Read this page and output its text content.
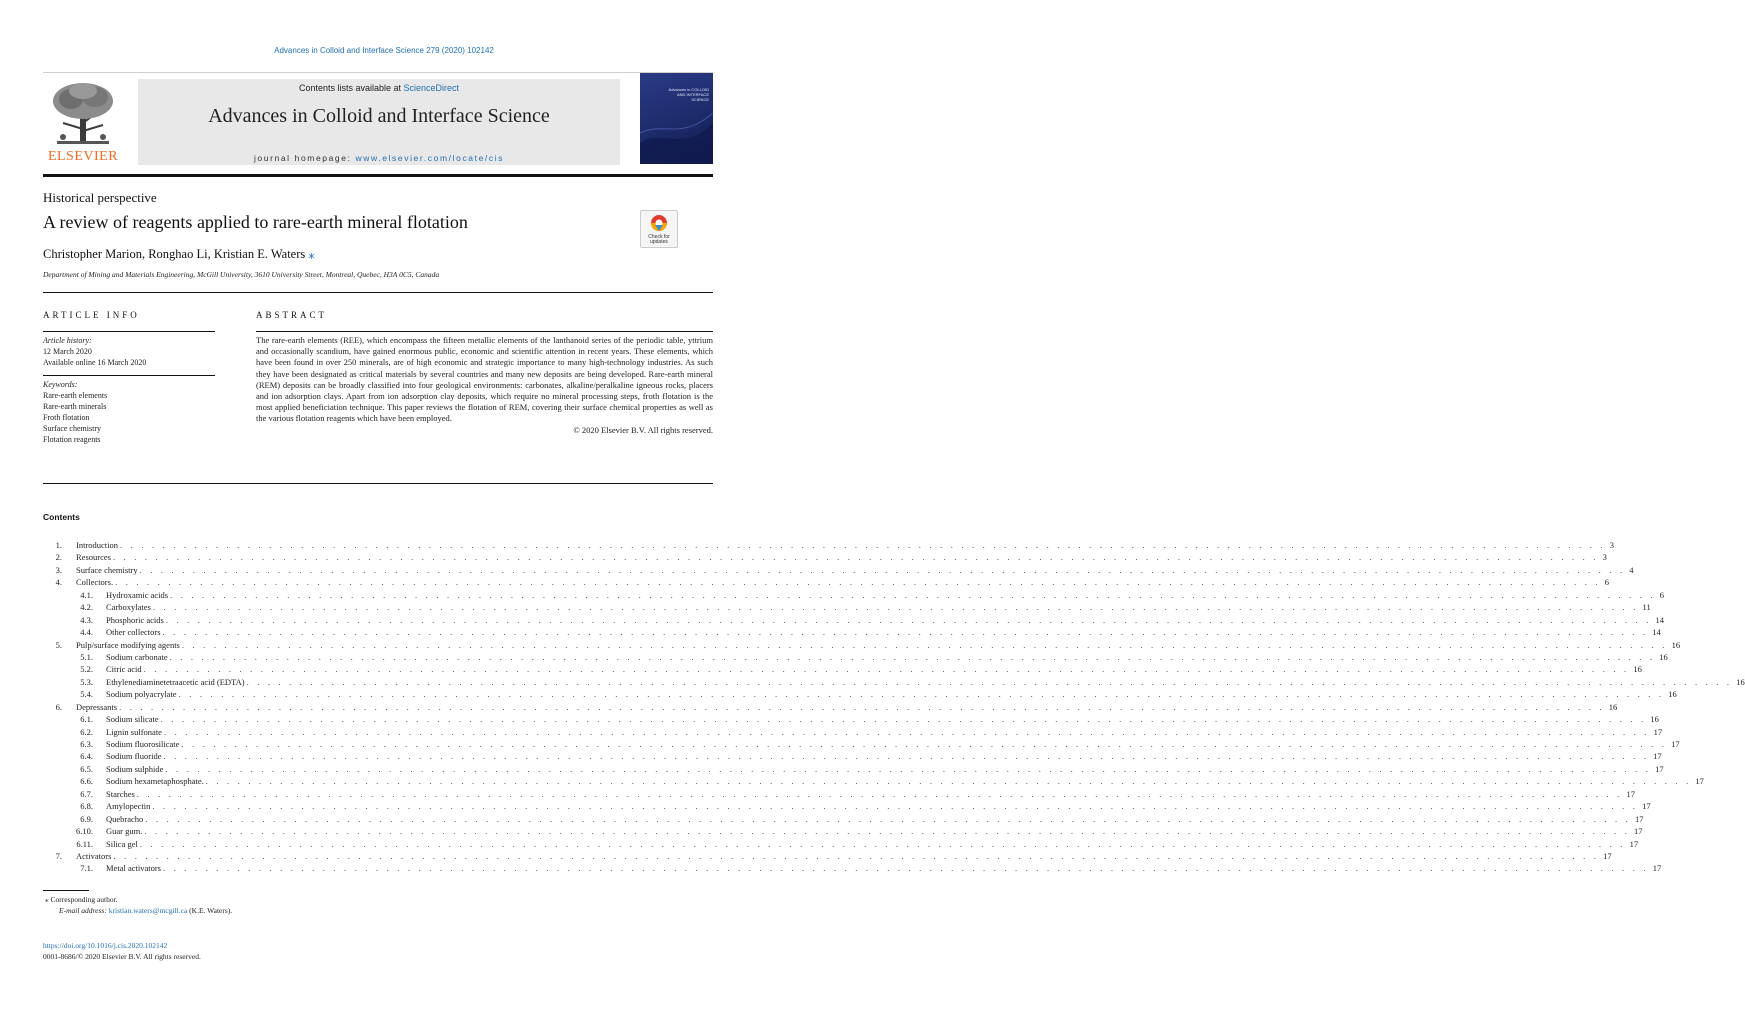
Advances in Colloid and Interface Science 279 (2020) 102142
ELSEVIER
Contents lists available at ScienceDirect
Advances in Colloid and Interface Science
journal homepage: www.elsevier.com/locate/cis
Advances in COLLOID AND INTERFACE SCIENCE
Historical perspective
A review of reagents applied to rare-earth mineral flotation
Check for updates
Christopher Marion, Ronghao Li, Kristian E. Waters ⁎
Department of Mining and Materials Engineering, McGill University, 3610 University Street, Montreal, Quebec, H3A 0C5, Canada
ARTICLE INFO	ABSTRACT
Article history:
12 March 2020
Available online 16 March 2020
Keywords:
Rare-earth elements
Rare-earth minerals
Froth flotation
Surface chemistry
Flotation reagents
The rare-earth elements (REE), which encompass the fifteen metallic elements of the lanthanoid series of the periodic table, yttrium and occasionally scandium, have gained enormous public, economic and scientific attention in recent years. These elements, which have been found in over 250 minerals, are of high economic and strategic importance to many high-technology industries. As such they have been designated as critical materials by several countries and many new deposits are being developed. Rare-earth mineral (REM) deposits can be broadly classified into four geological environments: carbonates, alkaline/peralkaline igneous rocks, placers and ion adsorption clays. Apart from ion adsorption clay deposits, which require no mineral processing steps, froth flotation is the most applied beneficiation technique. This paper reviews the flotation of REM, covering their surface chemical properties as well as the various flotation reagents which have been employed.
© 2020 Elsevier B.V. All rights reserved.
Contents
1. Introduction . . . . . . . . . . . . . . . . . . . . . . . . . . . . . . . . . . . . . . . . . . . . . . . . . . . . . . . . . . . . . . . . . . . . . . . . . . . . . . . . . . . . . . . . . . . . . . . . . . . . . . . . . . . . . . . . . . . . . . . . . . . . . . . . . . . . . . . . . . . . 3
2. Resources . . . . . . . . . . . . . . . . . . . . . . . . . . . . . . . . . . . . . . . . . . . . . . . . . . . . . . . . . . . . . . . . . . . . . . . . . . . . . . . . . . . . . . . . . . . . . . . . . . . . . . . . . . . . . . . . . . . . . . . . . . . . . . . . . . . . . . . . . . . . 3
3. Surface chemistry . . . . . . . . . . . . . . . . . . . . . . . . . . . . . . . . . . . . . . . . . . . . . . . . . . . . . . . . . . . . . . . . . . . . . . . . . . . . . . . . . . . . . . . . . . . . . . . . . . . . . . . . . . . . . . . . . . . . . . . . . . . . . . . . . . . . . . . . . . . . 4
4. Collectors. . . . . . . . . . . . . . . . . . . . . . . . . . . . . . . . . . . . . . . . . . . . . . . . . . . . . . . . . . . . . . . . . . . . . . . . . . . . . . . . . . . . . . . . . . . . . . . . . . . . . . . . . . . . . . . . . . . . . . . . . . . . . . . . . . . . . . . . . . . . . 6
4.1. Hydroxamic acids . . . . . . . . . . . . . . . . . . . . . . . . . . . . . . . . . . . . . . . . . . . . . . . . . . . . . . . . . . . . . . . . . . . . . . . . . . . . . . . . . . . . . . . . . . . . . . . . . . . . . . . . . . . . . . . . . . . . . . . . . . . . . . . . . . . . . . . . . . . . 6
4.2. Carboxylates . . . . . . . . . . . . . . . . . . . . . . . . . . . . . . . . . . . . . . . . . . . . . . . . . . . . . . . . . . . . . . . . . . . . . . . . . . . . . . . . . . . . . . . . . . . . . . . . . . . . . . . . . . . . . . . . . . . . . . . . . . . . . . . . . . . . . . . . . . . . 11
4.3. Phosphoric acids . . . . . . . . . . . . . . . . . . . . . . . . . . . . . . . . . . . . . . . . . . . . . . . . . . . . . . . . . . . . . . . . . . . . . . . . . . . . . . . . . . . . . . . . . . . . . . . . . . . . . . . . . . . . . . . . . . . . . . . . . . . . . . . . . . . . . . . . . . . . 14
4.4. Other collectors . . . . . . . . . . . . . . . . . . . . . . . . . . . . . . . . . . . . . . . . . . . . . . . . . . . . . . . . . . . . . . . . . . . . . . . . . . . . . . . . . . . . . . . . . . . . . . . . . . . . . . . . . . . . . . . . . . . . . . . . . . . . . . . . . . . . . . . . . . . . 14
5. Pulp/surface modifying agents . . . . . . . . . . . . . . . . . . . . . . . . . . . . . . . . . . . . . . . . . . . . . . . . . . . . . . . . . . . . . . . . . . . . . . . . . . . . . . . . . . . . . . . . . . . . . . . . . . . . . . . . . . . . . . . . . . . . . . . . . . . . . . . . . . . . . . . . . . . . 16
5.1. Sodium carbonate . . . . . . . . . . . . . . . . . . . . . . . . . . . . . . . . . . . . . . . . . . . . . . . . . . . . . . . . . . . . . . . . . . . . . . . . . . . . . . . . . . . . . . . . . . . . . . . . . . . . . . . . . . . . . . . . . . . . . . . . . . . . . . . . . . . . . . . . . . . . 16
5.2. Citric acid . . . . . . . . . . . . . . . . . . . . . . . . . . . . . . . . . . . . . . . . . . . . . . . . . . . . . . . . . . . . . . . . . . . . . . . . . . . . . . . . . . . . . . . . . . . . . . . . . . . . . . . . . . . . . . . . . . . . . . . . . . . . . . . . . . . . . . . . . . . . 16
5.3. Ethylenediaminetetraacetic acid (EDTA) . . . . . . . . . . . . . . . . . . . . . . . . . . . . . . . . . . . . . . . . . . . . . . . . . . . . . . . . . . . . . . . . . . . . . . . . . . . . . . . . . . . . . . . . . . . . . . . . . . . . . . . . . . . . . . . . . . . . . . . . . . . . . . . . . . . . . . . . . . . . 16
5.4. Sodium polyacrylate . . . . . . . . . . . . . . . . . . . . . . . . . . . . . . . . . . . . . . . . . . . . . . . . . . . . . . . . . . . . . . . . . . . . . . . . . . . . . . . . . . . . . . . . . . . . . . . . . . . . . . . . . . . . . . . . . . . . . . . . . . . . . . . . . . . . . . . . . . . . 16
6. Depressants . . . . . . . . . . . . . . . . . . . . . . . . . . . . . . . . . . . . . . . . . . . . . . . . . . . . . . . . . . . . . . . . . . . . . . . . . . . . . . . . . . . . . . . . . . . . . . . . . . . . . . . . . . . . . . . . . . . . . . . . . . . . . . . . . . . . . . . . . . . . 16
6.1. Sodium silicate . . . . . . . . . . . . . . . . . . . . . . . . . . . . . . . . . . . . . . . . . . . . . . . . . . . . . . . . . . . . . . . . . . . . . . . . . . . . . . . . . . . . . . . . . . . . . . . . . . . . . . . . . . . . . . . . . . . . . . . . . . . . . . . . . . . . . . . . . . . . 16
6.2. Lignin sulfonate . . . . . . . . . . . . . . . . . . . . . . . . . . . . . . . . . . . . . . . . . . . . . . . . . . . . . . . . . . . . . . . . . . . . . . . . . . . . . . . . . . . . . . . . . . . . . . . . . . . . . . . . . . . . . . . . . . . . . . . . . . . . . . . . . . . . . . . . . . . . 17
6.3. Sodium fluorosilicate . . . . . . . . . . . . . . . . . . . . . . . . . . . . . . . . . . . . . . . . . . . . . . . . . . . . . . . . . . . . . . . . . . . . . . . . . . . . . . . . . . . . . . . . . . . . . . . . . . . . . . . . . . . . . . . . . . . . . . . . . . . . . . . . . . . . . . . . . . . . 17
6.4. Sodium fluoride . . . . . . . . . . . . . . . . . . . . . . . . . . . . . . . . . . . . . . . . . . . . . . . . . . . . . . . . . . . . . . . . . . . . . . . . . . . . . . . . . . . . . . . . . . . . . . . . . . . . . . . . . . . . . . . . . . . . . . . . . . . . . . . . . . . . . . . . . . . . 17
6.5. Sodium sulphide . . . . . . . . . . . . . . . . . . . . . . . . . . . . . . . . . . . . . . . . . . . . . . . . . . . . . . . . . . . . . . . . . . . . . . . . . . . . . . . . . . . . . . . . . . . . . . . . . . . . . . . . . . . . . . . . . . . . . . . . . . . . . . . . . . . . . . . . . . . . 17
6.6. Sodium hexametaphosphate. . . . . . . . . . . . . . . . . . . . . . . . . . . . . . . . . . . . . . . . . . . . . . . . . . . . . . . . . . . . . . . . . . . . . . . . . . . . . . . . . . . . . . . . . . . . . . . . . . . . . . . . . . . . . . . . . . . . . . . . . . . . . . . . . . . . . . . . . . . . . 17
6.7. Starches . . . . . . . . . . . . . . . . . . . . . . . . . . . . . . . . . . . . . . . . . . . . . . . . . . . . . . . . . . . . . . . . . . . . . . . . . . . . . . . . . . . . . . . . . . . . . . . . . . . . . . . . . . . . . . . . . . . . . . . . . . . . . . . . . . . . . . . . . . . . 17
6.8. Amylopectin . . . . . . . . . . . . . . . . . . . . . . . . . . . . . . . . . . . . . . . . . . . . . . . . . . . . . . . . . . . . . . . . . . . . . . . . . . . . . . . . . . . . . . . . . . . . . . . . . . . . . . . . . . . . . . . . . . . . . . . . . . . . . . . . . . . . . . . . . . . . 17
6.9. Quebracho . . . . . . . . . . . . . . . . . . . . . . . . . . . . . . . . . . . . . . . . . . . . . . . . . . . . . . . . . . . . . . . . . . . . . . . . . . . . . . . . . . . . . . . . . . . . . . . . . . . . . . . . . . . . . . . . . . . . . . . . . . . . . . . . . . . . . . . . . . . . 17
6.10. Guar gum. . . . . . . . . . . . . . . . . . . . . . . . . . . . . . . . . . . . . . . . . . . . . . . . . . . . . . . . . . . . . . . . . . . . . . . . . . . . . . . . . . . . . . . . . . . . . . . . . . . . . . . . . . . . . . . . . . . . . . . . . . . . . . . . . . . . . . . . . . . . . 17
6.11. Silica gel . . . . . . . . . . . . . . . . . . . . . . . . . . . . . . . . . . . . . . . . . . . . . . . . . . . . . . . . . . . . . . . . . . . . . . . . . . . . . . . . . . . . . . . . . . . . . . . . . . . . . . . . . . . . . . . . . . . . . . . . . . . . . . . . . . . . . . . . . . . . 17
7. Activators . . . . . . . . . . . . . . . . . . . . . . . . . . . . . . . . . . . . . . . . . . . . . . . . . . . . . . . . . . . . . . . . . . . . . . . . . . . . . . . . . . . . . . . . . . . . . . . . . . . . . . . . . . . . . . . . . . . . . . . . . . . . . . . . . . . . . . . . . . . . 17
7.1. Metal activators . . . . . . . . . . . . . . . . . . . . . . . . . . . . . . . . . . . . . . . . . . . . . . . . . . . . . . . . . . . . . . . . . . . . . . . . . . . . . . . . . . . . . . . . . . . . . . . . . . . . . . . . . . . . . . . . . . . . . . . . . . . . . . . . . . . . . . . . . . . . 17
⁎ Corresponding author.
E-mail address: kristian.waters@mcgill.ca (K.E. Waters).
https://doi.org/10.1016/j.cis.2020.102142
0001-8686/© 2020 Elsevier B.V. All rights reserved.
